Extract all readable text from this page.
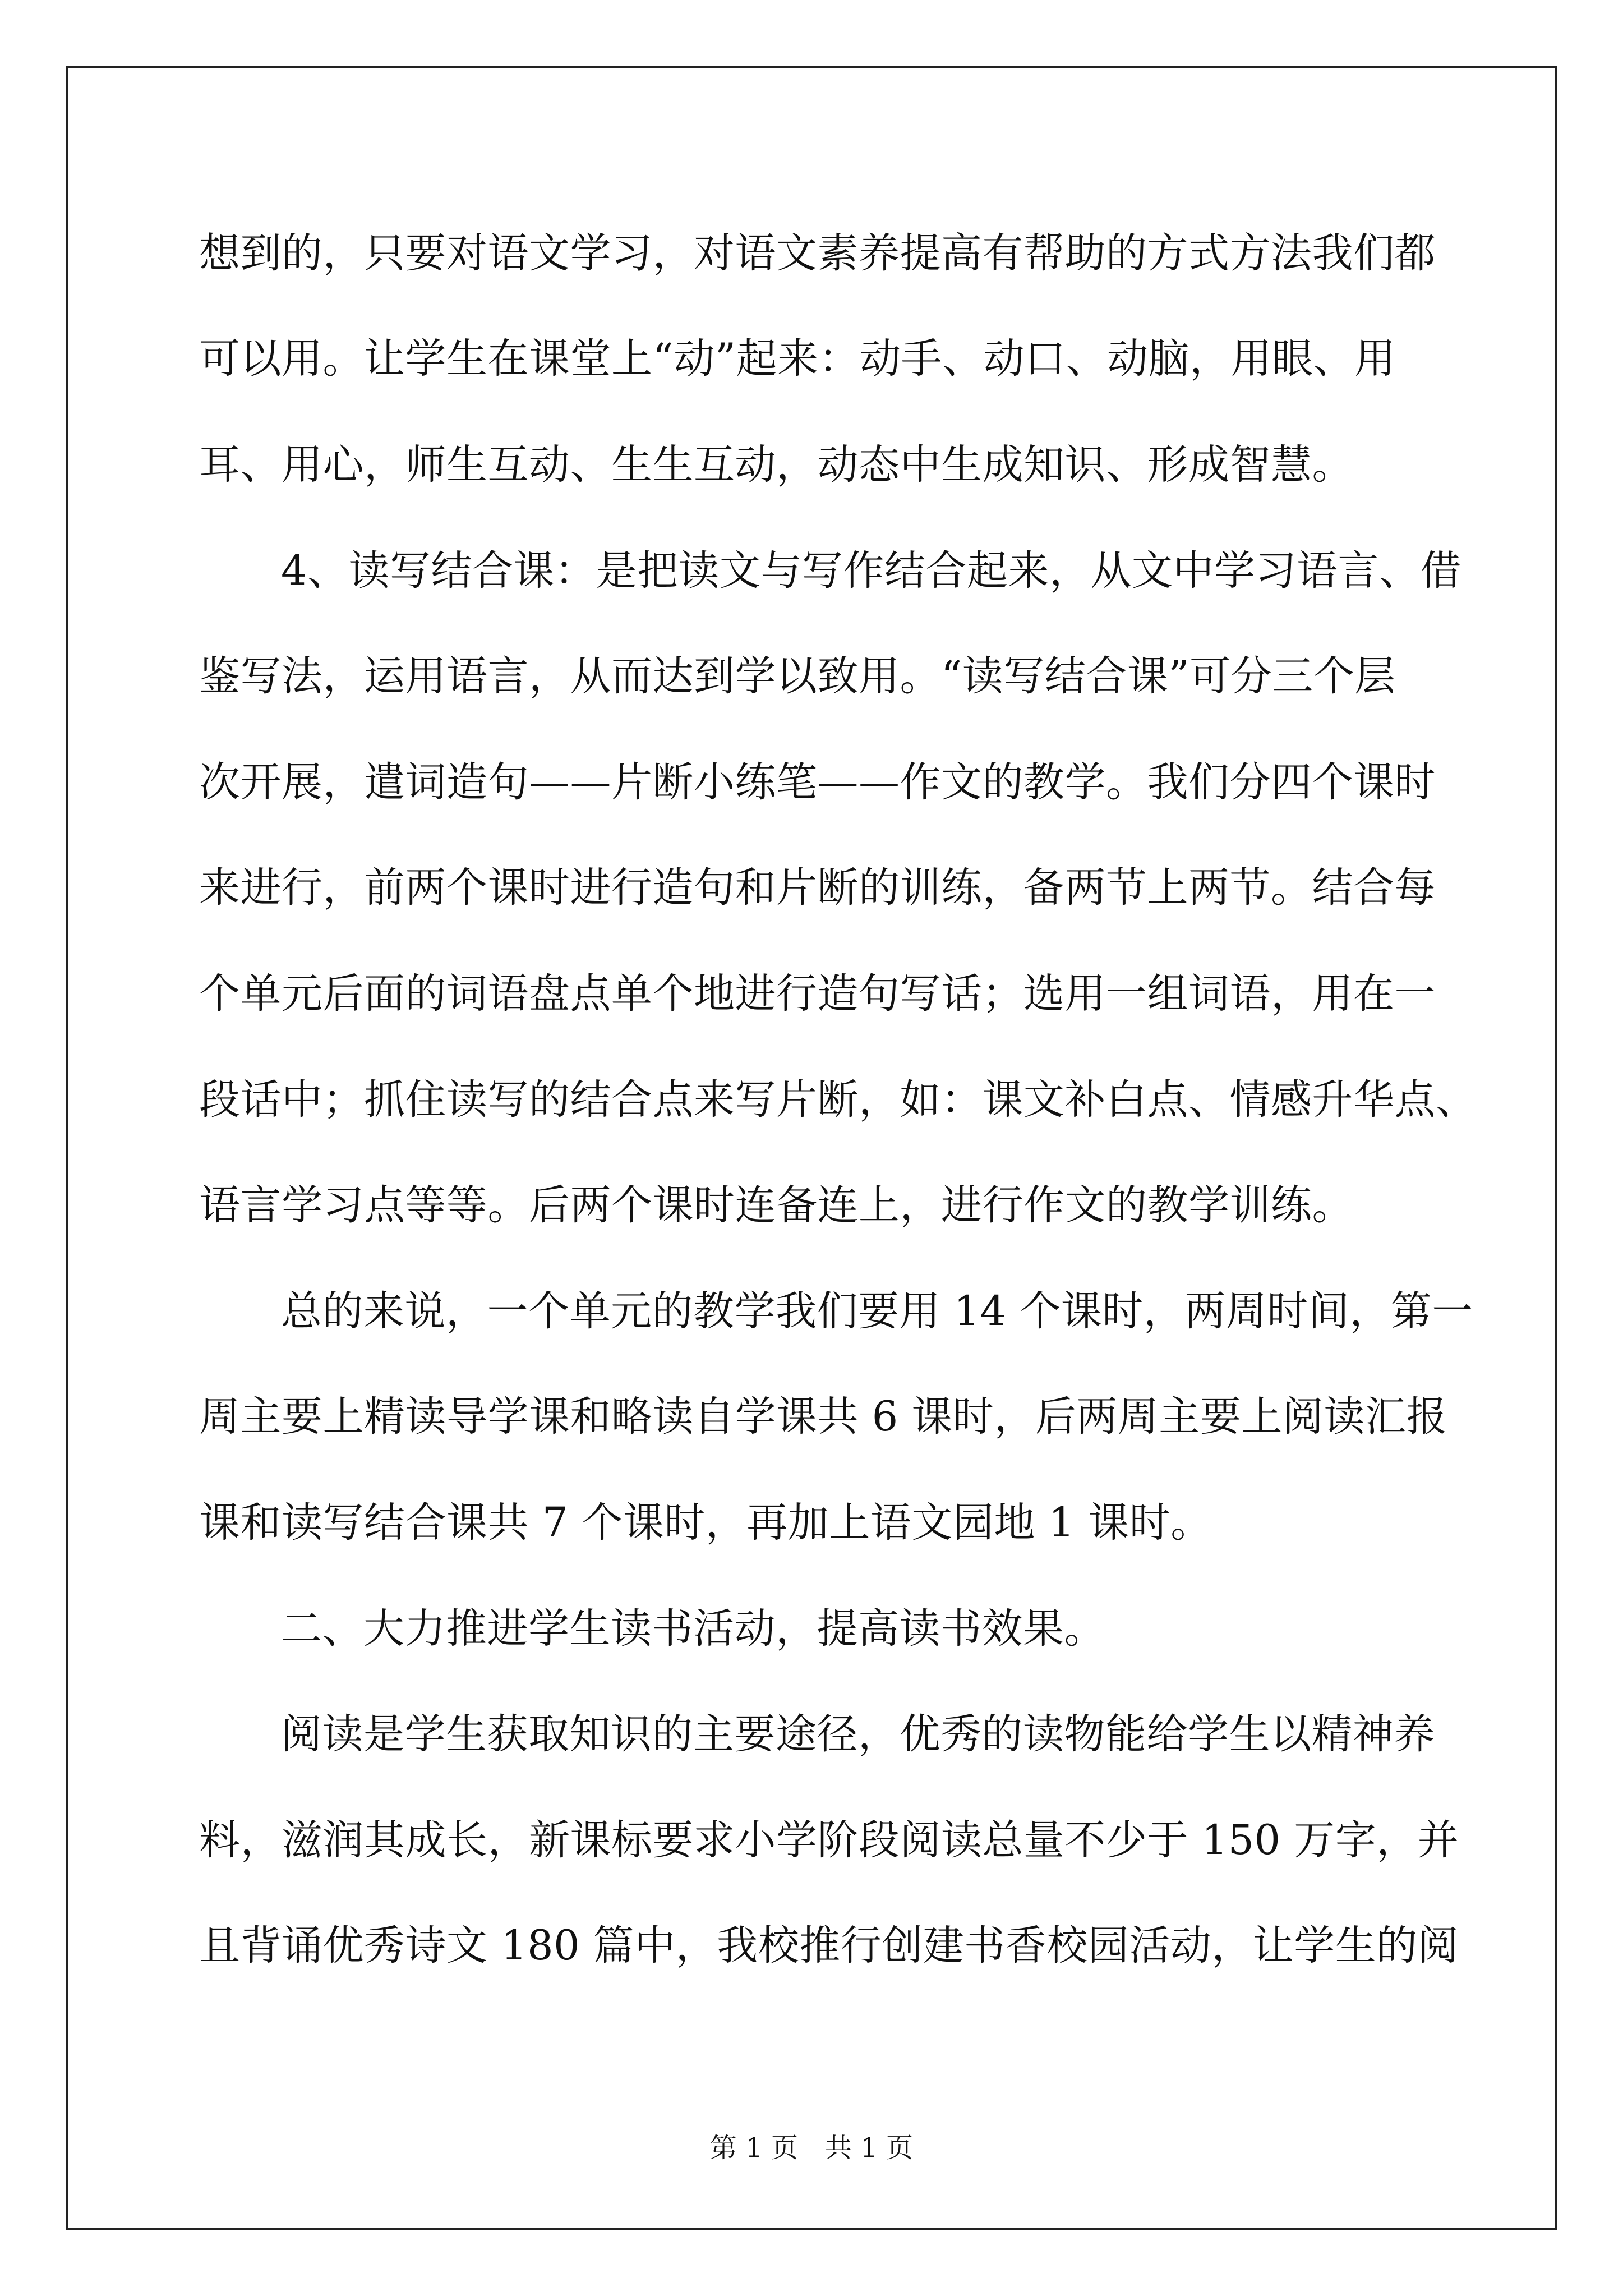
想到的，只要对语文学习，对语文素养提高有帮助的方式方法我们都
可以用。让学生在课堂上“动”起来：动手、动口、动脑，用眼、用
耳、用心，师生互动、生生互动，动态中生成知识、形成智慧。
4、读写结合课：是把读文与写作结合起来，从文中学习语言、借
鉴写法，运用语言，从而达到学以致用。“读写结合课”可分三个层
次开展，遣词造句——片断小练笔——作文的教学。我们分四个课时
来进行，前两个课时进行造句和片断的训练，备两节上两节。结合每
个单元后面的词语盘点单个地进行造句写话；选用一组词语，用在一
段话中；抓住读写的结合点来写片断，如：课文补白点、情感升华点、
语言学习点等等。后两个课时连备连上，进行作文的教学训练。
总的来说，一个单元的教学我们要用 14 个课时，两周时间，第一
周主要上精读导学课和略读自学课共 6 课时，后两周主要上阅读汇报
课和读写结合课共 7 个课时，再加上语文园地 1 课时。
二、大力推进学生读书活动，提高读书效果。
阅读是学生获取知识的主要途径，优秀的读物能给学生以精神养
料，滋润其成长，新课标要求小学阶段阅读总量不少于 150 万字，并
且背诵优秀诗文 180 篇中，我校推行创建书香校园活动，让学生的阅
第 1 页　共 1 页
